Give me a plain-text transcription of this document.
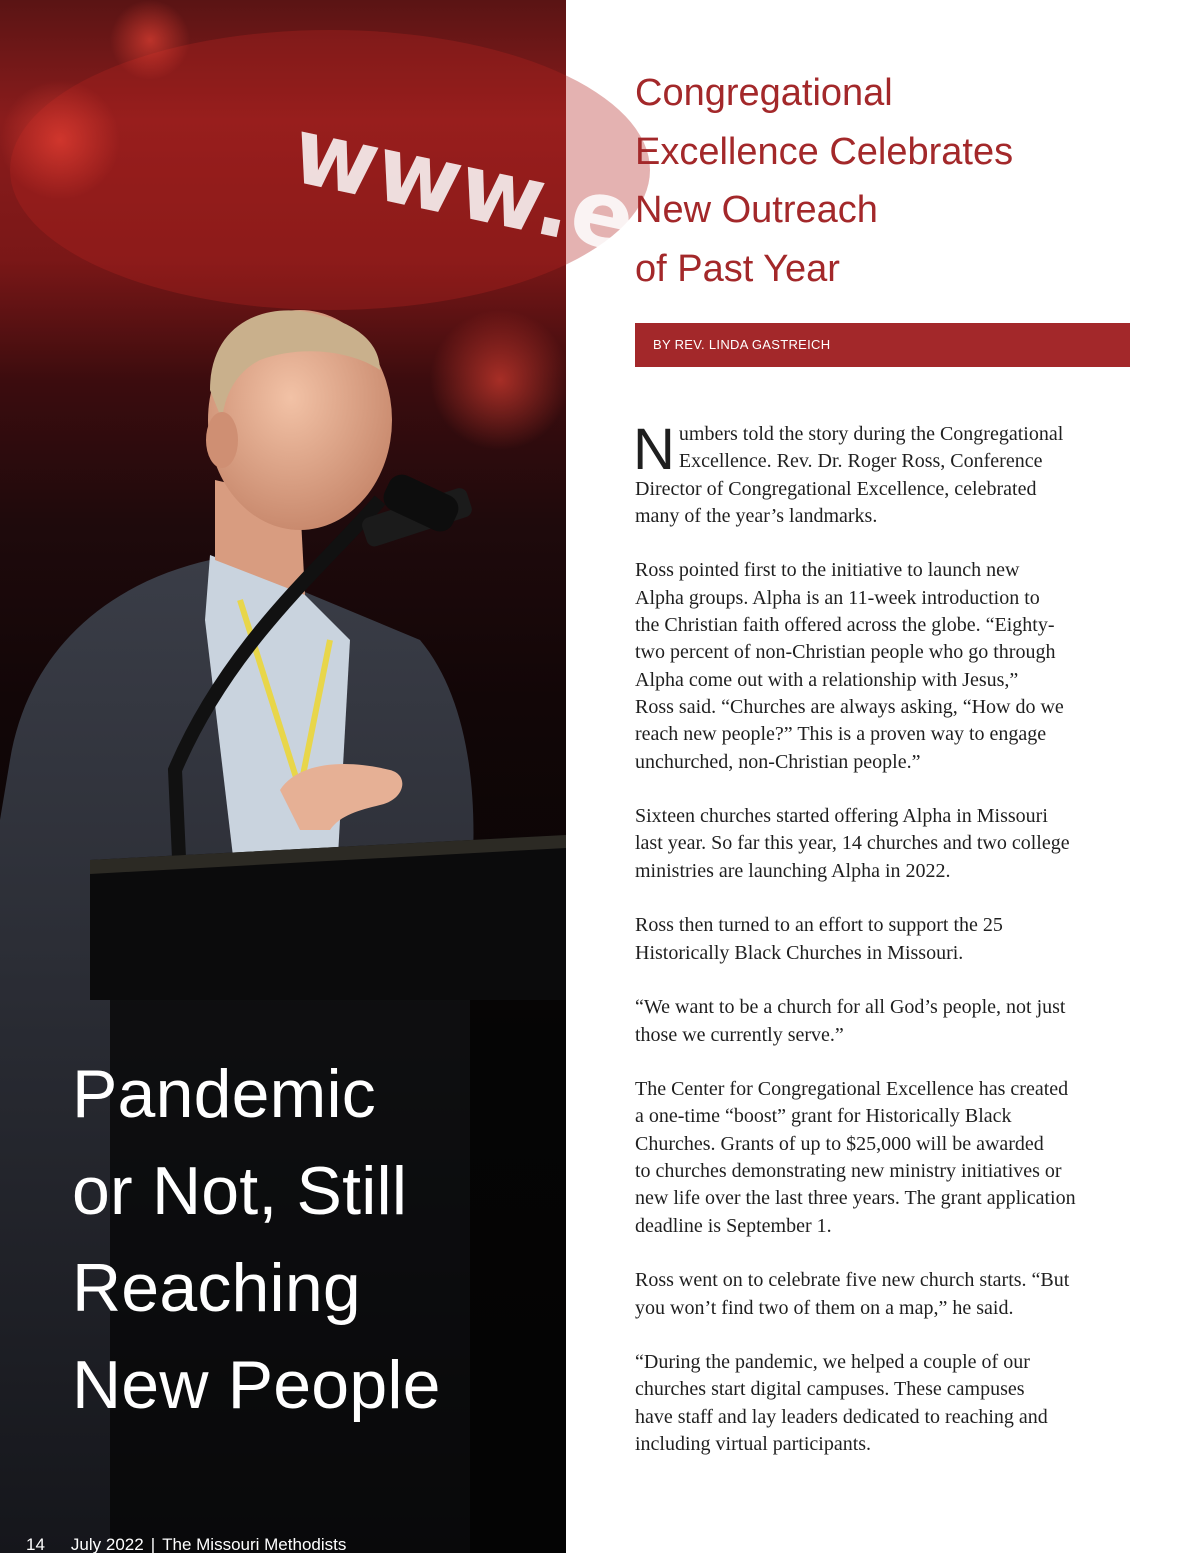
www.e
Pandemic
or Not, Still
Reaching
New People
14 July 2022 | The Missouri Methodists
Congregational
Excellence Celebrates
New Outreach
of Past Year
BY REV. LINDA GASTREICH

N umbers told the story during the Congregational
Excellence. Rev. Dr. Roger Ross, Conference
Director of Congregational Excellence, celebrated
many of the year’s landmarks.

Ross pointed first to the initiative to launch new
Alpha groups. Alpha is an 11-week introduction to
the Christian faith offered across the globe. “Eighty-
two percent of non-Christian people who go through
Alpha come out with a relationship with Jesus,”
Ross said. “Churches are always asking, “How do we
reach new people?” This is a proven way to engage
unchurched, non-Christian people.”

Sixteen churches started offering Alpha in Missouri
last year. So far this year, 14 churches and two college
ministries are launching Alpha in 2022.

Ross then turned to an effort to support the 25
Historically Black Churches in Missouri.

“We want to be a church for all God’s people, not just
those we currently serve.”

The Center for Congregational Excellence has created
a one-time “boost” grant for Historically Black
Churches. Grants of up to $25,000 will be awarded
to churches demonstrating new ministry initiatives or
new life over the last three years. The grant application
deadline is September 1.

Ross went on to celebrate five new church starts. “But
you won’t find two of them on a map,” he said.

“During the pandemic, we helped a couple of our
churches start digital campuses. These campuses
have staff and lay leaders dedicated to reaching and
including virtual participants.
